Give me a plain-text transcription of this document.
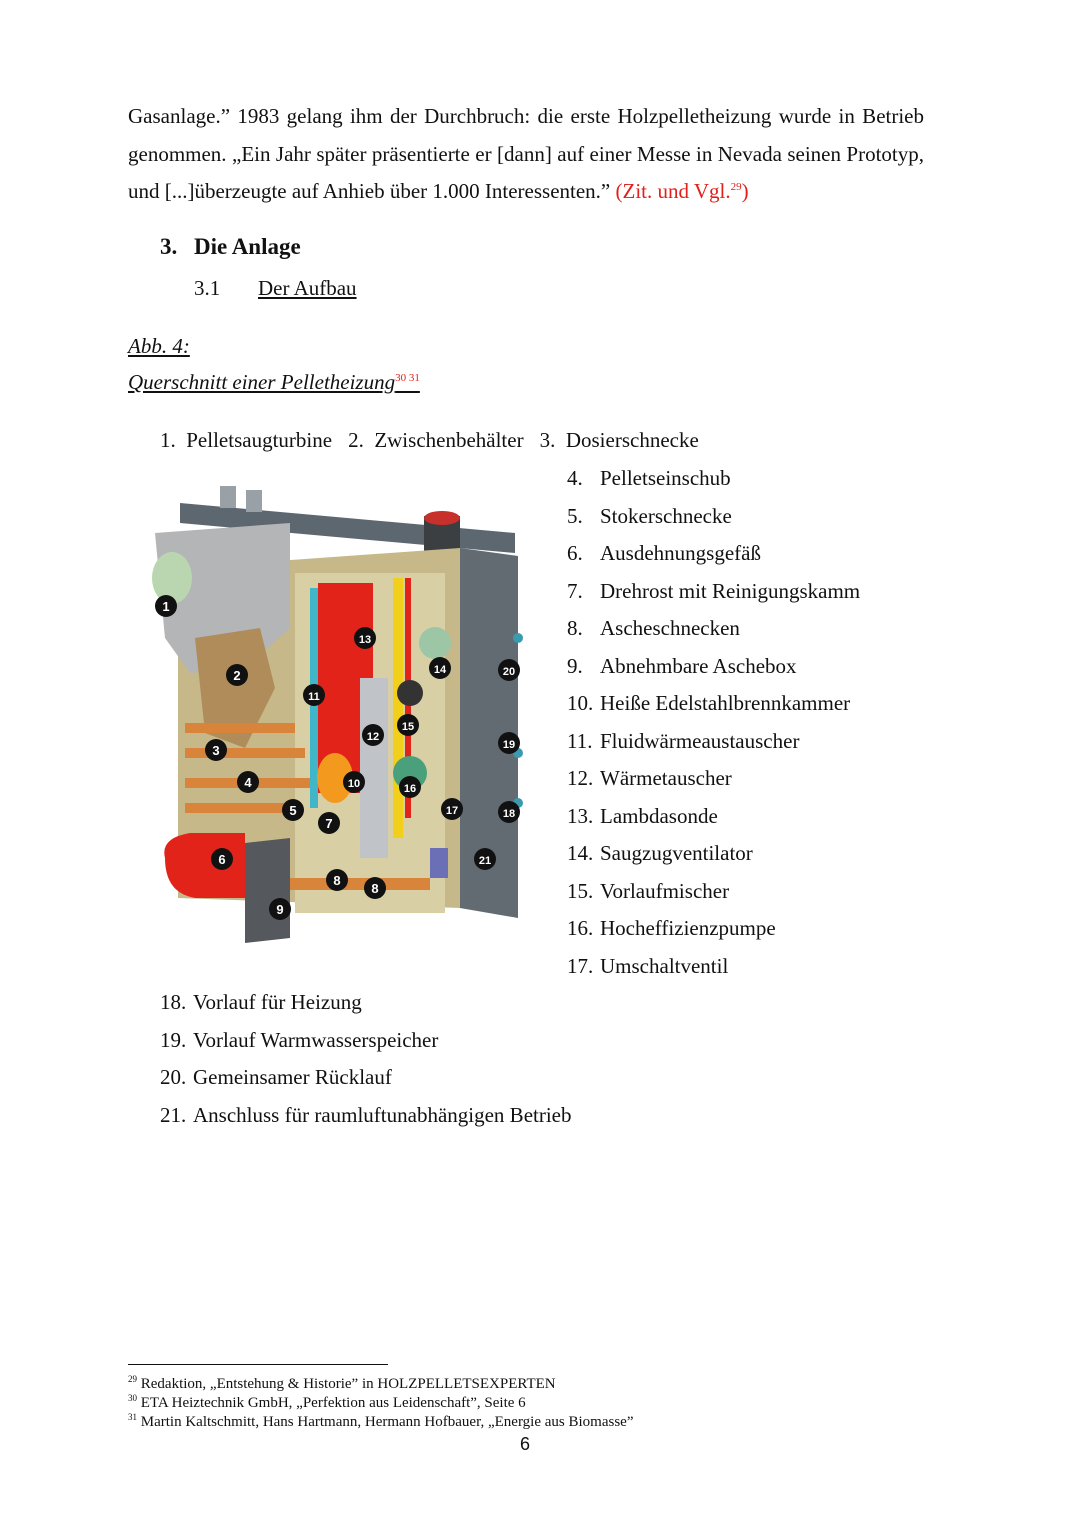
Gasanlage.” 1983 gelang ihm der Durchbruch: die erste Holzpelletheizung wurde in Betrieb genommen. „Ein Jahr später präsentierte er [dann] auf einer Messe in Nevada seinen Prototyp, und [...]überzeugte auf Anhieb über 1.000 Interessenten.” (Zit. und Vgl.$^{29}$)

3. Die Anlage
3.1 Der Aufbau
Abb. 4:
Querschnitt einer Pelletheizung$^{30 31}$
1. Pelletsaugturbine 2. Zwischenbehälter 3. Dosierschnecke
1
2
3
4
5
6
7
8
8
9
10
11
12
13
14
15
16
17	18
19
20
21
4. Pelletseinschub
5. Stokerschnecke
6. Ausdehnungsgefäß
7. Drehrost mit Reinigungskamm
8. Ascheschnecken
9. Abnehmbare Aschebox
10. Heiße Edelstahlbrennkammer
11. Fluidwärmeaustauscher
12. Wärmetauscher
13. Lambdasonde
14. Saugzugventilator
15. Vorlaufmischer
16. Hocheffizienzpumpe
17. Umschaltventil
18. Vorlauf für Heizung
19. Vorlauf Warmwasserspeicher
20. Gemeinsamer Rücklauf
21. Anschluss für raumluftunabhängigen Betrieb
$^{29}$ Redaktion, „Entstehung & Historie” in HOLZPELLETSEXPERTEN
$^{30}$ ETA Heiztechnik GmbH, „Perfektion aus Leidenschaft”, Seite 6
$^{31}$ Martin Kaltschmitt, Hans Hartmann, Hermann Hofbauer, „Energie aus Biomasse”
6
